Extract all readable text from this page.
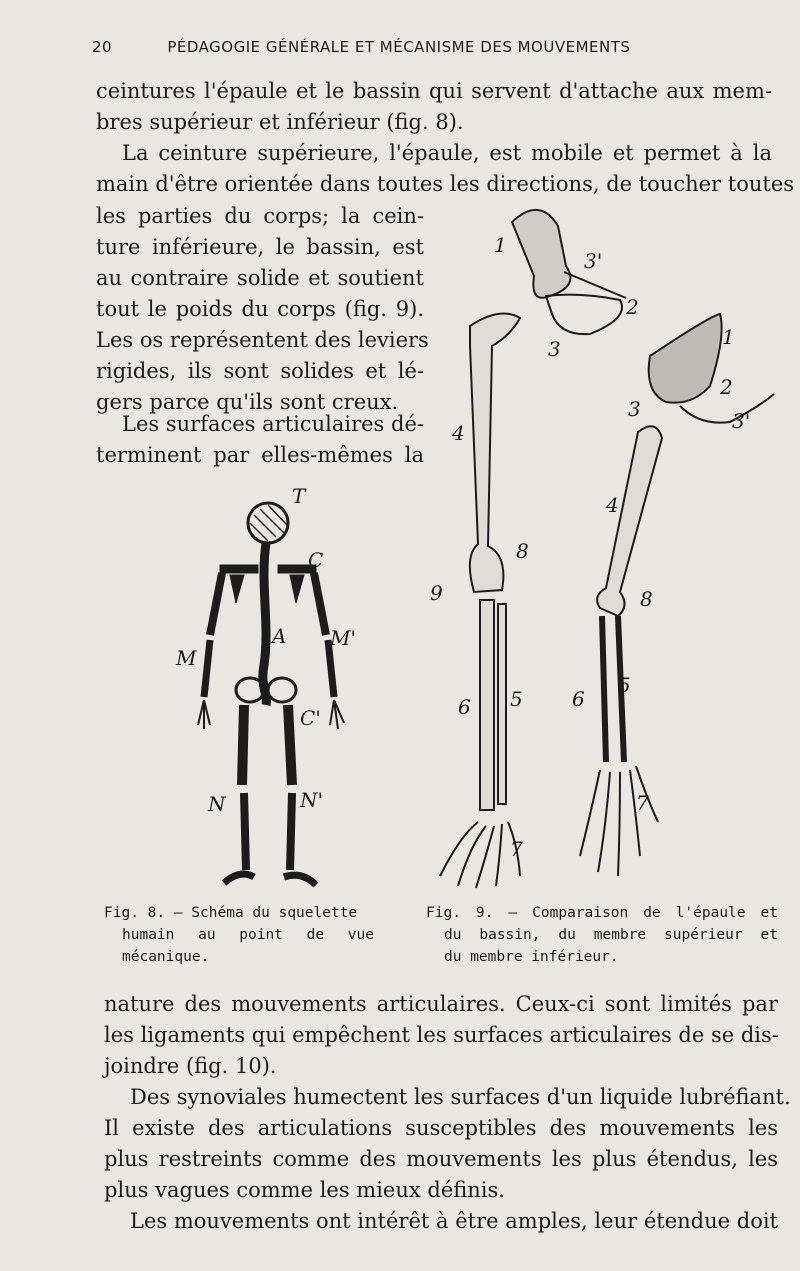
20	PÉDAGOGIE GÉNÉRALE ET MÉCANISME DES MOUVEMENTS
ceintures l'épaule et le bassin qui servent d'attache aux mem-
bres supérieur et inférieur (fig. 8).
La ceinture supérieure, l'épaule, est mobile et permet à la
main d'être orientée dans toutes les directions, de toucher toutes
les parties du corps; la cein-
ture inférieure, le bassin, est
au contraire solide et soutient
tout le poids du corps (fig. 9).
Les os représentent des leviers
rigides, ils sont solides et lé-
gers parce qu'ils sont creux.
Les surfaces articulaires dé-
terminent par elles-mêmes la
T
C
M
A M'
C'
N	N'
1
3'
2
3
4
8
9
6 5
7
1
2
3	3'
4
8
6
5
7
Fig. 8. — Schéma du squelette
humain au point de vue
mécanique.
Fig. 9. — Comparaison de l'épaule et
du bassin, du membre supérieur et
du membre inférieur.
nature des mouvements articulaires. Ceux-ci sont limités par
les ligaments qui empêchent les surfaces articulaires de se dis-
joindre (fig. 10).
Des synoviales humectent les surfaces d'un liquide lubréfiant.
Il existe des articulations susceptibles des mouvements les
plus restreints comme des mouvements les plus étendus, les
plus vagues comme les mieux définis.
Les mouvements ont intérêt à être amples, leur étendue doit
